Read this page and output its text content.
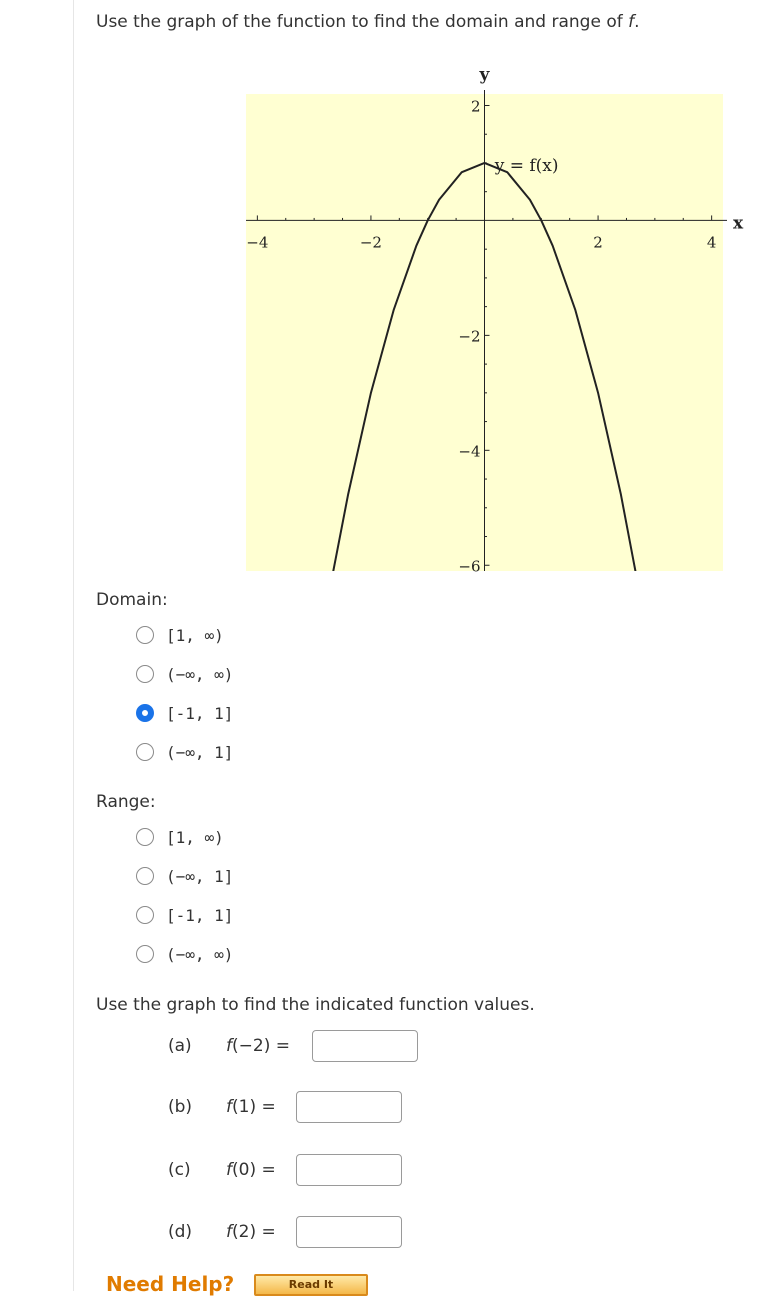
Use the graph of the function to find the domain and range of f.
−4	−2	2	4
2
−2
−4
−6
y = f(x)
x
y
Domain:
[1, ∞)
(−∞, ∞)
[-1, 1]
(−∞, 1]
Range:
[1, ∞)
(−∞, 1]
[-1, 1]
(−∞, ∞)
Use the graph to find the indicated function values.
(a)	f(−2) =
(b)	f(1) =
(c)	f(0) =
(d)	f(2) =
Need Help?	Read It
